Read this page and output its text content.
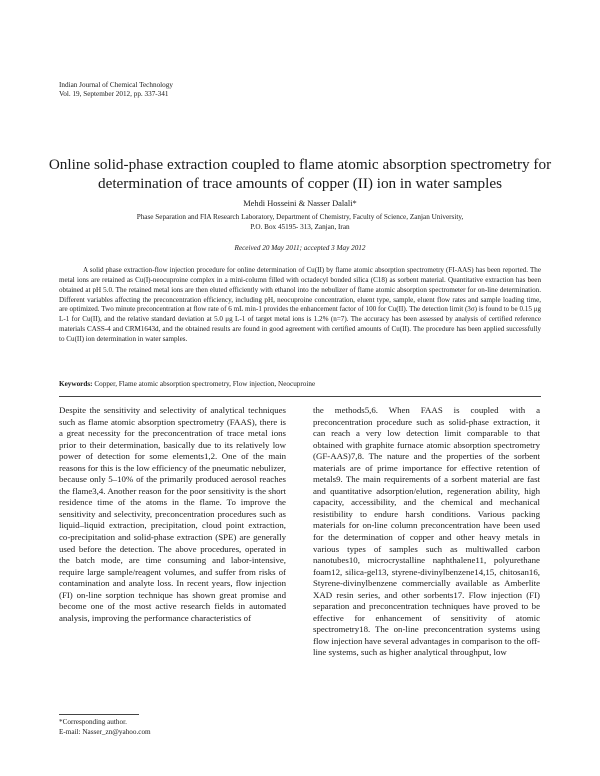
Indian Journal of Chemical Technology
Vol. 19, September 2012, pp. 337-341
Online solid-phase extraction coupled to flame atomic absorption spectrometry for determination of trace amounts of copper (II) ion in water samples
Mehdi Hosseini & Nasser Dalali*
Phase Separation and FIA Research Laboratory, Department of Chemistry, Faculty of Science, Zanjan University,
P.O. Box 45195- 313, Zanjan, Iran
Received 20 May 2011; accepted 3 May 2012
A solid phase extraction-flow injection procedure for online determination of Cu(II) by flame atomic absorption spectrometry (FI-AAS) has been reported. The metal ions are retained as Cu(I)-neocuproine complex in a mini-column filled with octadecyl bonded silica (C18) as sorbent material. Quantitative extraction has been obtained at pH 5.0. The retained metal ions are then eluted efficiently with ethanol into the nebulizer of flame atomic absorption spectrometer for on-line determination. Different variables affecting the preconcentration efficiency, including pH, neocuproine concentration, eluent type, sample, eluent flow rates and sample loading time, are optimized. Two minute preconcentration at flow rate of 6 mL min-1 provides the enhancement factor of 100 for Cu(II). The detection limit (3σ) is found to be 0.15 μg L-1 for Cu(II), and the relative standard deviation at 5.0 μg L-1 of target metal ions is 1.2% (n=7). The accuracy has been assessed by analysis of certified reference materials CASS-4 and CRM1643d, and the obtained results are found in good agreement with certified amounts of Cu(II). The procedure has been applied successfully to Cu(II) ion determination in water samples.
Keywords: Copper, Flame atomic absorption spectrometry, Flow injection, Neocuproine

Despite the sensitivity and selectivity of analytical techniques such as flame atomic absorption spectrometry (FAAS), there is a great necessity for the preconcentration of trace metal ions prior to their determination, basically due to its relatively low power of detection for some elements1,2. One of the main reasons for this is the low efficiency of the pneumatic nebulizer, because only 5–10% of the primarily produced aerosol reaches the flame3,4. Another reason for the poor sensitivity is the short residence time of the atoms in the flame. To improve the sensitivity and selectivity, preconcentration procedures such as liquid–liquid extraction, precipitation, cloud point extraction, co-precipitation and solid-phase extraction (SPE) are generally used before the detection. The above procedures, operated in the batch mode, are time consuming and labor-intensive, require large sample/reagent volumes, and suffer from risks of contamination and analyte loss. In recent years, flow injection (FI) on-line sorption technique has shown great promise and become one of the most active research fields in automated analysis, improving the performance characteristics of

the methods5,6. When FAAS is coupled with a preconcentration procedure such as solid-phase extraction, it can reach a very low detection limit comparable to that obtained with graphite furnace atomic absorption spectrometry (GF-AAS)7,8. The nature and the properties of the sorbent materials are of prime importance for effective retention of metals9. The main requirements of a sorbent material are fast and quantitative adsorption/elution, regeneration ability, high capacity, accessibility, and the chemical and mechanical resistibility to endure harsh conditions. Various packing materials for on-line column preconcentration have been used for the determination of copper and other heavy metals in various types of samples such as multiwalled carbon nanotubes10, microcrystalline naphthalene11, polyurethane foam12, silica-gel13, styrene-divinylbenzene14,15, chitosan16, Styrene-divinylbenzene commercially available as Amberlite XAD resin series, and other sorbents17. Flow injection (FI) separation and preconcentration techniques have proved to be effective for enhancement of sensitivity of atomic spectrometry18. The on-line preconcentration systems using flow injection have several advantages in comparison to the off-line systems, such as higher analytical throughput, low

*Corresponding author.
E-mail: Nasser_zn@yahoo.com
